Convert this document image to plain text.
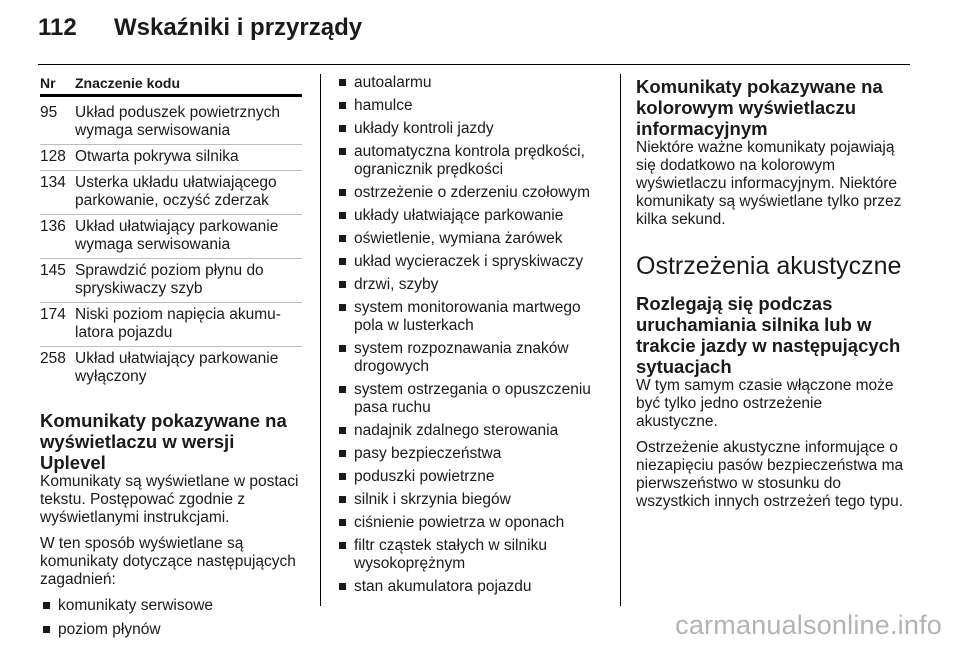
112	Wskaźniki i przyrządy
Nr	Znaczenie kodu
95	Układ poduszek powietrznych wymaga serwisowania
128 Otwarta pokrywa silnika
134 Usterka układu ułatwiającego parkowanie, oczyść zderzak
136 Układ ułatwiający parkowanie wymaga serwisowania
145 Sprawdzić poziom płynu do spryskiwaczy szyb
174 Niski poziom napięcia akumu-latora pojazdu
258 Układ ułatwiający parkowanie wyłączony
Komunikaty pokazywane na wyświetlaczu w wersji Uplevel

Komunikaty są wyświetlane w postaci tekstu. Postępować zgodnie z wyświetlanymi instrukcjami.

W ten sposób wyświetlane są komunikaty dotyczące następujących zagadnień:

komunikaty serwisowe
poziom płynów
autoalarmu
hamulce
układy kontroli jazdy
automatyczna kontrola prędkości, ogranicznik prędkości
ostrzeżenie o zderzeniu czołowym
układy ułatwiające parkowanie
oświetlenie, wymiana żarówek
układ wycieraczek i spryskiwaczy
drzwi, szyby
system monitorowania martwego pola w lusterkach
system rozpoznawania znaków drogowych
system ostrzegania o opuszczeniu pasa ruchu
nadajnik zdalnego sterowania
pasy bezpieczeństwa
poduszki powietrzne
silnik i skrzynia biegów
ciśnienie powietrza w oponach
filtr cząstek stałych w silniku wysokoprężnym
stan akumulatora pojazdu
Komunikaty pokazywane na kolorowym wyświetlaczu informacyjnym

Niektóre ważne komunikaty pojawiają się dodatkowo na kolorowym wyświetlaczu informacyjnym. Niektóre komunikaty są wyświetlane tylko przez kilka sekund.

Ostrzeżenia akustyczne
Rozlegają się podczas uruchamiania silnika lub w trakcie jazdy w następujących sytuacjach

W tym samym czasie włączone może być tylko jedno ostrzeżenie akustyczne.

Ostrzeżenie akustyczne informujące o niezapięciu pasów bezpieczeństwa ma pierwszeństwo w stosunku do wszystkich innych ostrzeżeń tego typu.

carmanualsonline.info
